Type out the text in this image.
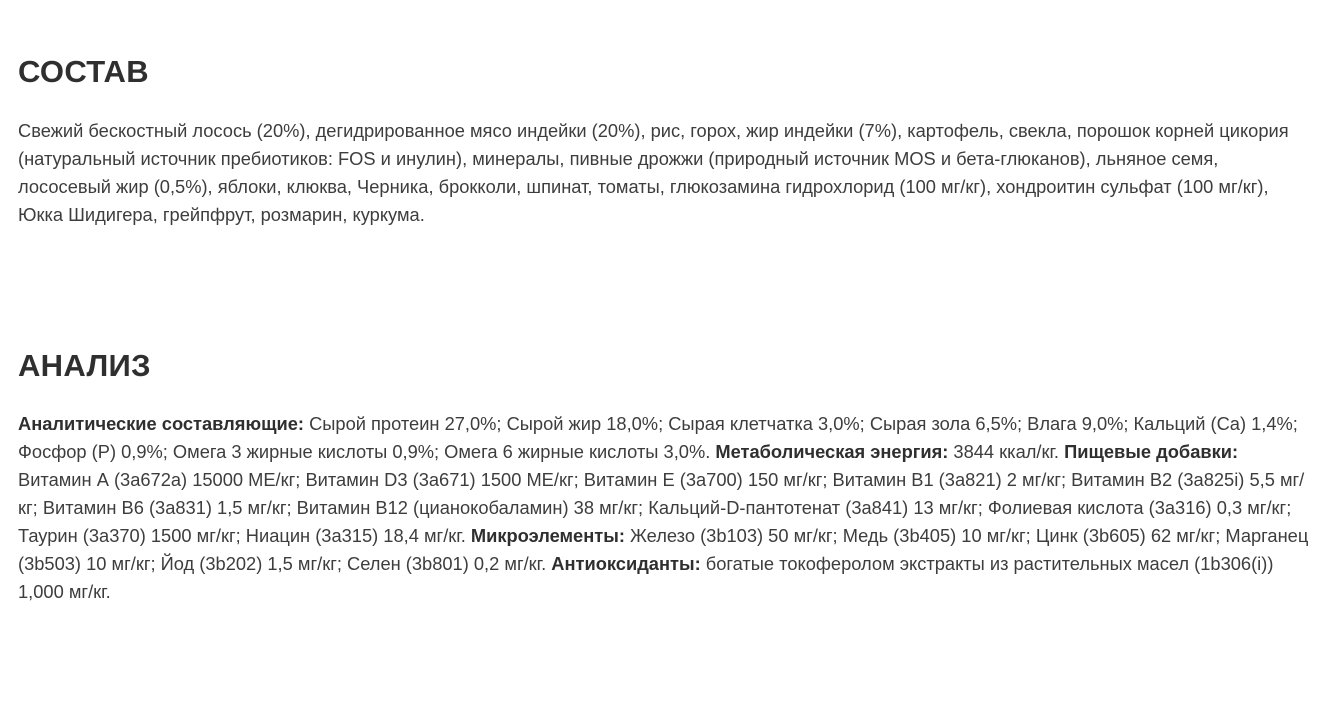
СОСТАВ

Свежий бескостный лосось (20%), дегидрированное мясо индейки (20%), рис, горох, жир индейки (7%), картофель, свекла, порошок корней цикория (натуральный источник пребиотиков: FOS и инулин), минералы, пивные дрожжи (природный источник MOS и бета-глюканов), льняное семя, лососевый жир (0,5%), яблоки, клюква, Черника, брокколи, шпинат, томаты, глюкозамина гидрохлорид (100 мг/кг), хондроитин сульфат (100 мг/кг), Юкка Шидигера, грейпфрут, розмарин, куркума.

АНАЛИЗ

Аналитические составляющие: Сырой протеин 27,0%; Сырой жир 18,0%; Сырая клетчатка 3,0%; Сырая зола 6,5%; Влага 9,0%; Кальций (Ca) 1,4%; Фосфор (P) 0,9%; Омега 3 жирные кислоты 0,9%; Омега 6 жирные кислоты 3,0%. Метаболическая энергия: 3844 ккал/кг. Пищевые добавки: Витамин А (3a672a) 15000 МЕ/кг; Витамин D3 (3a671) 1500 МЕ/кг; Витамин Е (3a700) 150 мг/кг; Витамин В1 (3a821) 2 мг/кг; Витамин В2 (3a825i) 5,5 мг/кг; Витамин В6 (3a831) 1,5 мг/кг; Витамин В12 (цианокобаламин) 38 мг/кг; Кальций-D-пантотенат (3a841) 13 мг/кг; Фолиевая кислота (3a316) 0,3 мг/кг; Таурин (3a370) 1500 мг/кг; Ниацин (3a315) 18,4 мг/кг. Микроэлементы: Железо (3b103) 50 мг/кг; Медь (3b405) 10 мг/кг; Цинк (3b605) 62 мг/кг; Марганец (3b503) 10 мг/кг; Йод (3b202) 1,5 мг/кг; Селен (3b801) 0,2 мг/кг. Антиоксиданты: богатые токоферолом экстракты из растительных масел (1b306(i)) 1,000 мг/кг.
